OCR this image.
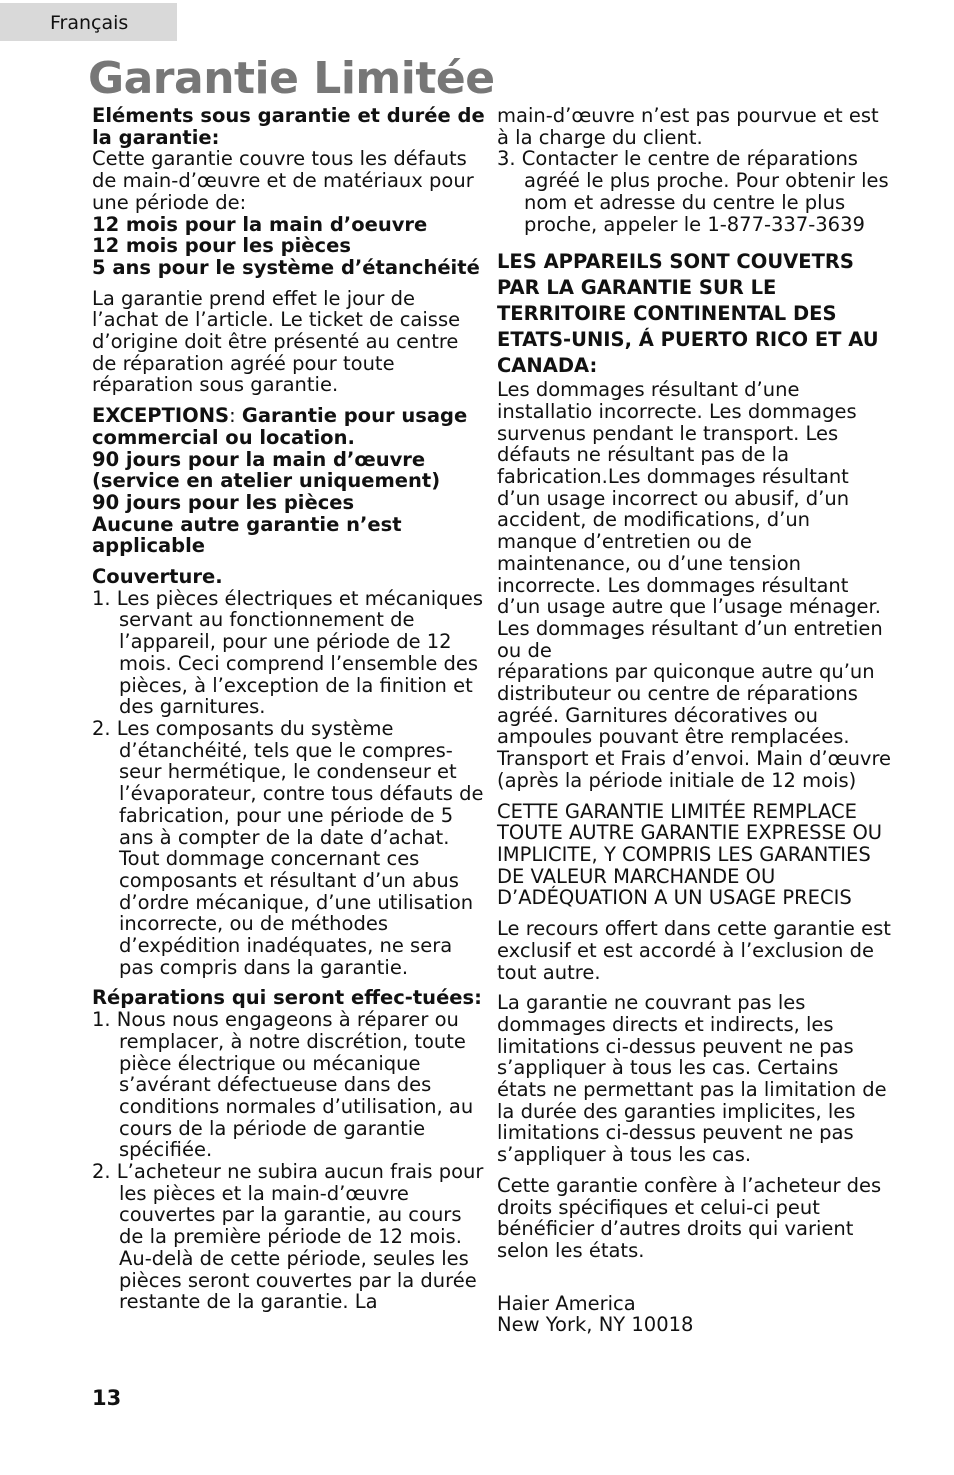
Français
Garantie Limitée

Eléments sous garantie et durée de la garantie:

Cette garantie couvre tous les défauts de main-d’œuvre et de matériaux pour une période de:

12 mois pour la main d’oeuvre
12 mois pour les pièces
5 ans pour le système d’étanchéité

La garantie prend effet le jour de l’achat de l’article. Le ticket de caisse d’origine doit être présenté au centre de réparation agréé pour toute réparation sous garantie.

EXCEPTIONS: Garantie pour usage commercial ou location.
90 jours pour la main d’œuvre (service en atelier uniquement)
90 jours pour les pièces
Aucune autre garantie n’est applicable

Couverture.

1. Les pièces électriques et mécaniques servant au fonctionnement de l’appareil, pour une période de 12 mois. Ceci comprend l’ensemble des pièces, à l’exception de la finition et des garnitures.
2. Les composants du système d’étanchéité, tels que le compres-seur hermétique, le condenseur et l’évaporateur, contre tous défauts de fabrication, pour une période de 5 ans à compter de la date d’achat. Tout dommage concernant ces composants et résultant d’un abus d’ordre mécanique, d’une utilisation incorrecte, ou de méthodes d’expédition inadéquates, ne sera pas compris dans la garantie.

Réparations qui seront effec-tuées:

1. Nous nous engageons à réparer ou remplacer, à notre discrétion, toute pièce électrique ou mécanique s’avérant défectueuse dans des conditions normales d’utilisation, au cours de la période de garantie spécifiée.
2. L’acheteur ne subira aucun frais pour les pièces et la main-d’œuvre couvertes par la garantie, au cours de la première période de 12 mois. Au-delà de cette période, seules les pièces seront couvertes par la durée restante de la garantie. La

main-d’œuvre n’est pas pourvue et est à la charge du client.

3. Contacter le centre de réparations agréé le plus proche. Pour obtenir les nom et adresse du centre le plus proche, appeler le 1-877-337-3639

LES APPAREILS SONT COUVETRS PAR LA GARANTIE SUR LE TERRITOIRE CONTINENTAL DES ETATS-UNIS, Á PUERTO RICO ET AU CANADA:

Les dommages résultant d’une installatio incorrecte. Les dommages survenus pendant le transport. Les défauts ne résultant pas de la fabrication.Les dommages résultant d’un usage incorrect ou abusif, d’un accident, de modifications, d’un manque d’entretien ou de maintenance, ou d’une tension incorrecte. Les dommages résultant d’un usage autre que l’usage ménager. Les dommages résultant d’un entretien ou de

réparations par quiconque autre qu’un distributeur ou centre de réparations agréé. Garnitures décoratives ou ampoules pouvant être remplacées. Transport et Frais d’envoi. Main d’œuvre (après la période initiale de 12 mois)

CETTE GARANTIE LIMITÉE REMPLACE TOUTE AUTRE GARANTIE EXPRESSE OU IMPLICITE, Y COMPRIS LES GARANTIES DE VALEUR MARCHANDE OU D’ADÉQUATION A UN USAGE PRECIS

Le recours offert dans cette garantie est exclusif et est accordé à l’exclusion de tout autre.

La garantie ne couvrant pas les dommages directs et indirects, les limitations ci-dessus peuvent ne pas s’appliquer à tous les cas. Certains états ne permettant pas la limitation de la durée des garanties implicites, les limitations ci-dessus peuvent ne pas s’appliquer à tous les cas.

Cette garantie confère à l’acheteur des droits spécifiques et celui-ci peut bénéficier d’autres droits qui varient selon les états.

Haier America
New York, NY 10018

13
